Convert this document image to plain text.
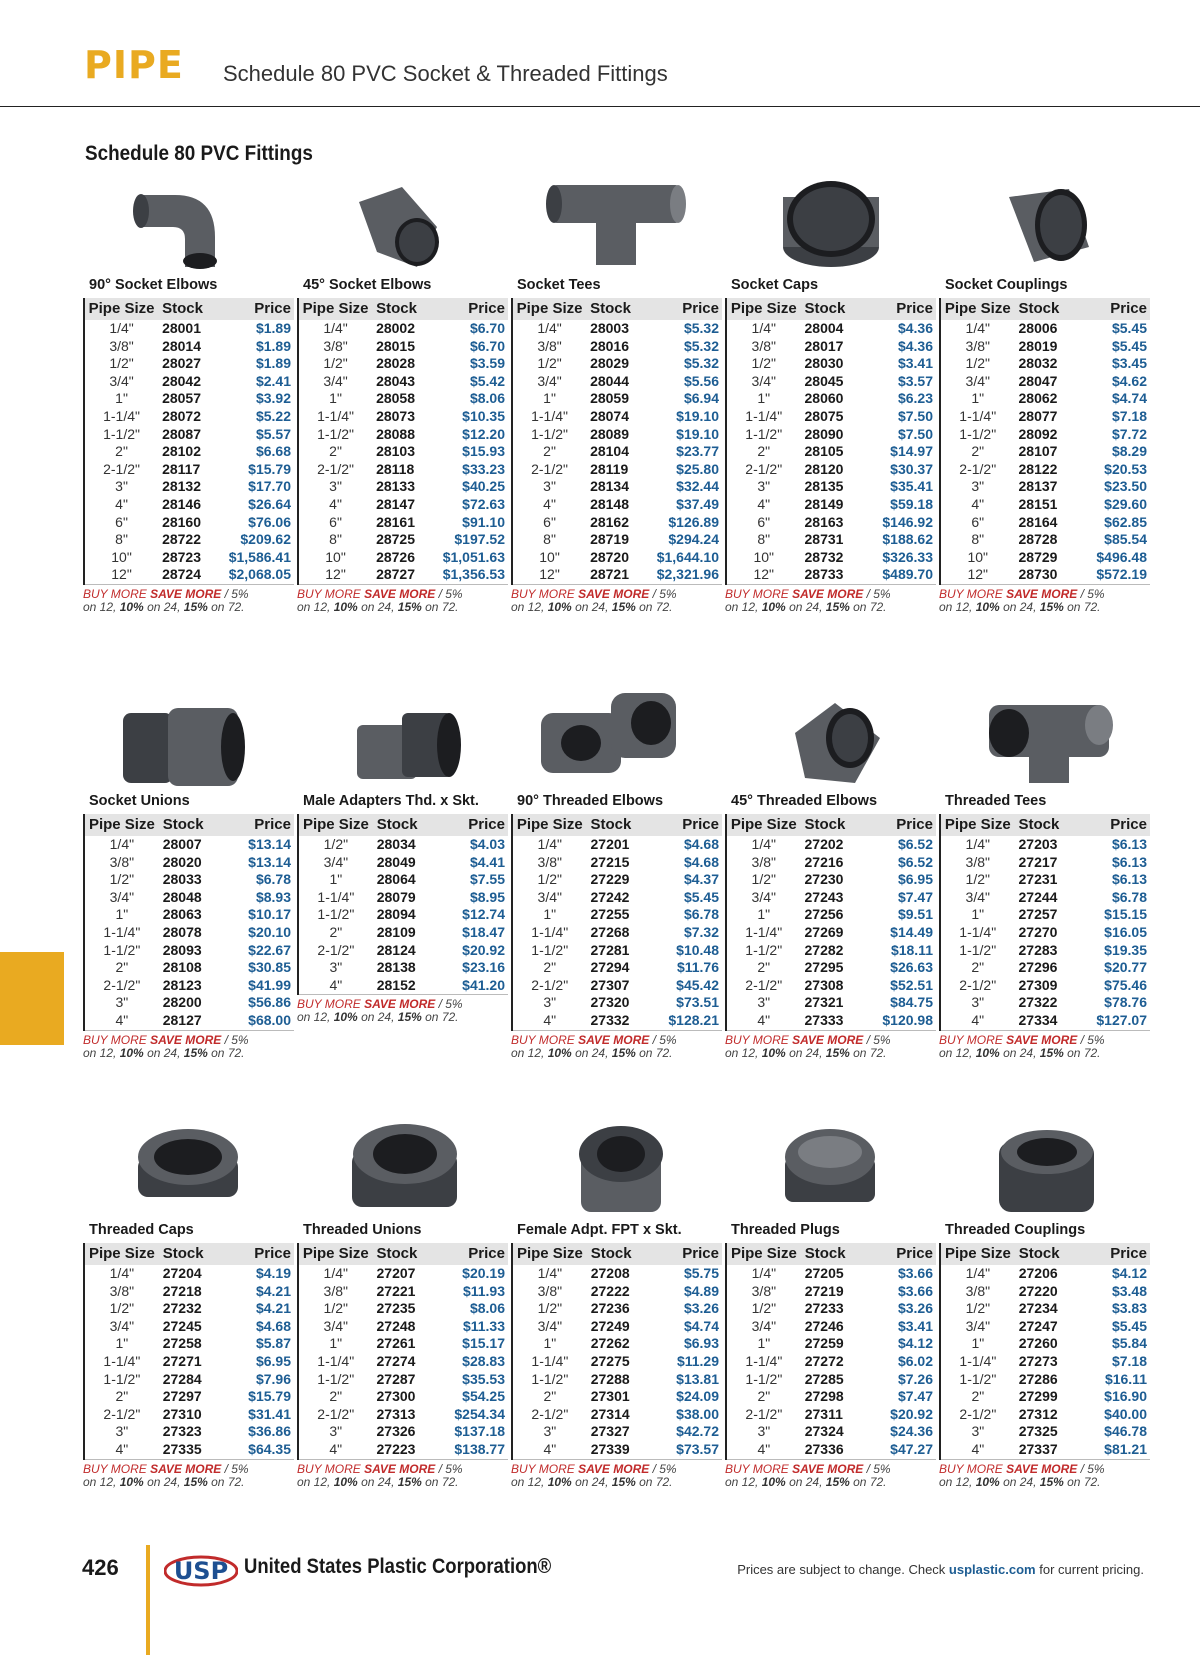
PIPE Schedule 80 PVC Socket & Threaded Fittings
Schedule 80 PVC Fittings
90° Socket Elbows
Pipe Size	Stock	Price
1/4"	28001	$1.89
3/8"	28014	$1.89
1/2"	28027	$1.89
3/4"	28042	$2.41
1"	28057	$3.92
1-1/4"	28072	$5.22
1-1/2"	28087	$5.57
2"	28102	$6.68
2-1/2"	28117	$15.79
3"	28132	$17.70
4"	28146	$26.64
6"	28160	$76.06
8"	28722	$209.62
10"	28723	$1,586.41
12"	28724	$2,068.05
BUY MORE SAVE MORE / 5%
on 12, 10% on 24, 15% on 72.
45° Socket Elbows
Pipe Size	Stock	Price
1/4"	28002	$6.70
3/8"	28015	$6.70
1/2"	28028	$3.59
3/4"	28043	$5.42
1"	28058	$8.06
1-1/4"	28073	$10.35
1-1/2"	28088	$12.20
2"	28103	$15.93
2-1/2"	28118	$33.23
3"	28133	$40.25
4"	28147	$72.63
6"	28161	$91.10
8"	28725	$197.52
10"	28726	$1,051.63
12"	28727	$1,356.53
BUY MORE SAVE MORE / 5%
on 12, 10% on 24, 15% on 72.
Socket Tees
Pipe Size	Stock	Price
1/4"	28003	$5.32
3/8"	28016	$5.32
1/2"	28029	$5.32
3/4"	28044	$5.56
1"	28059	$6.94
1-1/4"	28074	$19.10
1-1/2"	28089	$19.10
2"	28104	$23.77
2-1/2"	28119	$25.80
3"	28134	$32.44
4"	28148	$37.49
6"	28162	$126.89
8"	28719	$294.24
10"	28720	$1,644.10
12"	28721	$2,321.96
BUY MORE SAVE MORE / 5%
on 12, 10% on 24, 15% on 72.
Socket Caps
Pipe Size	Stock	Price
1/4"	28004	$4.36
3/8"	28017	$4.36
1/2"	28030	$3.41
3/4"	28045	$3.57
1"	28060	$6.23
1-1/4"	28075	$7.50
1-1/2"	28090	$7.50
2"	28105	$14.97
2-1/2"	28120	$30.37
3"	28135	$35.41
4"	28149	$59.18
6"	28163	$146.92
8"	28731	$188.62
10"	28732	$326.33
12"	28733	$489.70
BUY MORE SAVE MORE / 5%
on 12, 10% on 24, 15% on 72.
Socket Couplings
Pipe Size	Stock	Price
1/4"	28006	$5.45
3/8"	28019	$5.45
1/2"	28032	$3.45
3/4"	28047	$4.62
1"	28062	$4.74
1-1/4"	28077	$7.18
1-1/2"	28092	$7.72
2"	28107	$8.29
2-1/2"	28122	$20.53
3"	28137	$23.50
4"	28151	$29.60
6"	28164	$62.85
8"	28728	$85.54
10"	28729	$496.48
12"	28730	$572.19
BUY MORE SAVE MORE / 5%
on 12, 10% on 24, 15% on 72.
Socket Unions
Pipe Size	Stock	Price
1/4"	28007	$13.14
3/8"	28020	$13.14
1/2"	28033	$6.78
3/4"	28048	$8.93
1"	28063	$10.17
1-1/4"	28078	$20.10
1-1/2"	28093	$22.67
2"	28108	$30.85
2-1/2"	28123	$41.99
3"	28200	$56.86
4"	28127	$68.00
BUY MORE SAVE MORE / 5%
on 12, 10% on 24, 15% on 72.
Male Adapters Thd. x Skt.
Pipe Size	Stock	Price
1/2"	28034	$4.03
3/4"	28049	$4.41
1"	28064	$7.55
1-1/4"	28079	$8.95
1-1/2"	28094	$12.74
2"	28109	$18.47
2-1/2"	28124	$20.92
3"	28138	$23.16
4"	28152	$41.20
BUY MORE SAVE MORE / 5%
on 12, 10% on 24, 15% on 72.
90° Threaded Elbows
Pipe Size	Stock	Price
1/4"	27201	$4.68
3/8"	27215	$4.68
1/2"	27229	$4.37
3/4"	27242	$5.45
1"	27255	$6.78
1-1/4"	27268	$7.32
1-1/2"	27281	$10.48
2"	27294	$11.76
2-1/2"	27307	$45.42
3"	27320	$73.51
4"	27332	$128.21
BUY MORE SAVE MORE / 5%
on 12, 10% on 24, 15% on 72.
45° Threaded Elbows
Pipe Size	Stock	Price
1/4"	27202	$6.52
3/8"	27216	$6.52
1/2"	27230	$6.95
3/4"	27243	$7.47
1"	27256	$9.51
1-1/4"	27269	$14.49
1-1/2"	27282	$18.11
2"	27295	$26.63
2-1/2"	27308	$52.51
3"	27321	$84.75
4"	27333	$120.98
BUY MORE SAVE MORE / 5%
on 12, 10% on 24, 15% on 72.
Threaded Tees
Pipe Size	Stock	Price
1/4"	27203	$6.13
3/8"	27217	$6.13
1/2"	27231	$6.13
3/4"	27244	$6.78
1"	27257	$15.15
1-1/4"	27270	$16.05
1-1/2"	27283	$19.35
2"	27296	$20.77
2-1/2"	27309	$75.46
3"	27322	$78.76
4"	27334	$127.07
BUY MORE SAVE MORE / 5%
on 12, 10% on 24, 15% on 72.
Threaded Caps
Pipe Size	Stock	Price
1/4"	27204	$4.19
3/8"	27218	$4.21
1/2"	27232	$4.21
3/4"	27245	$4.68
1"	27258	$5.87
1-1/4"	27271	$6.95
1-1/2"	27284	$7.96
2"	27297	$15.79
2-1/2"	27310	$31.41
3"	27323	$36.86
4"	27335	$64.35
BUY MORE SAVE MORE / 5%
on 12, 10% on 24, 15% on 72.
Threaded Unions
Pipe Size	Stock	Price
1/4"	27207	$20.19
3/8"	27221	$11.93
1/2"	27235	$8.06
3/4"	27248	$11.33
1"	27261	$15.17
1-1/4"	27274	$28.83
1-1/2"	27287	$35.53
2"	27300	$54.25
2-1/2"	27313	$254.34
3"	27326	$137.18
4"	27223	$138.77
BUY MORE SAVE MORE / 5%
on 12, 10% on 24, 15% on 72.
Female Adpt. FPT x Skt.
Pipe Size	Stock	Price
1/4"	27208	$5.75
3/8"	27222	$4.89
1/2"	27236	$3.26
3/4"	27249	$4.74
1"	27262	$6.93
1-1/4"	27275	$11.29
1-1/2"	27288	$13.81
2"	27301	$24.09
2-1/2"	27314	$38.00
3"	27327	$42.72
4"	27339	$73.57
BUY MORE SAVE MORE / 5%
on 12, 10% on 24, 15% on 72.
Threaded Plugs
Pipe Size	Stock	Price
1/4"	27205	$3.66
3/8"	27219	$3.66
1/2"	27233	$3.26
3/4"	27246	$3.41
1"	27259	$4.12
1-1/4"	27272	$6.02
1-1/2"	27285	$7.26
2"	27298	$7.47
2-1/2"	27311	$20.92
3"	27324	$24.36
4"	27336	$47.27
BUY MORE SAVE MORE / 5%
on 12, 10% on 24, 15% on 72.
Threaded Couplings
Pipe Size	Stock	Price
1/4"	27206	$4.12
3/8"	27220	$3.48
1/2"	27234	$3.83
3/4"	27247	$5.45
1"	27260	$5.84
1-1/4"	27273	$7.18
1-1/2"	27286	$16.11
2"	27299	$16.90
2-1/2"	27312	$40.00
3"	27325	$46.78
4"	27337	$81.21
BUY MORE SAVE MORE / 5%
on 12, 10% on 24, 15% on 72.
426 USP United States Plastic Corporation®	Prices are subject to change. Check usplastic.com for current pricing.
